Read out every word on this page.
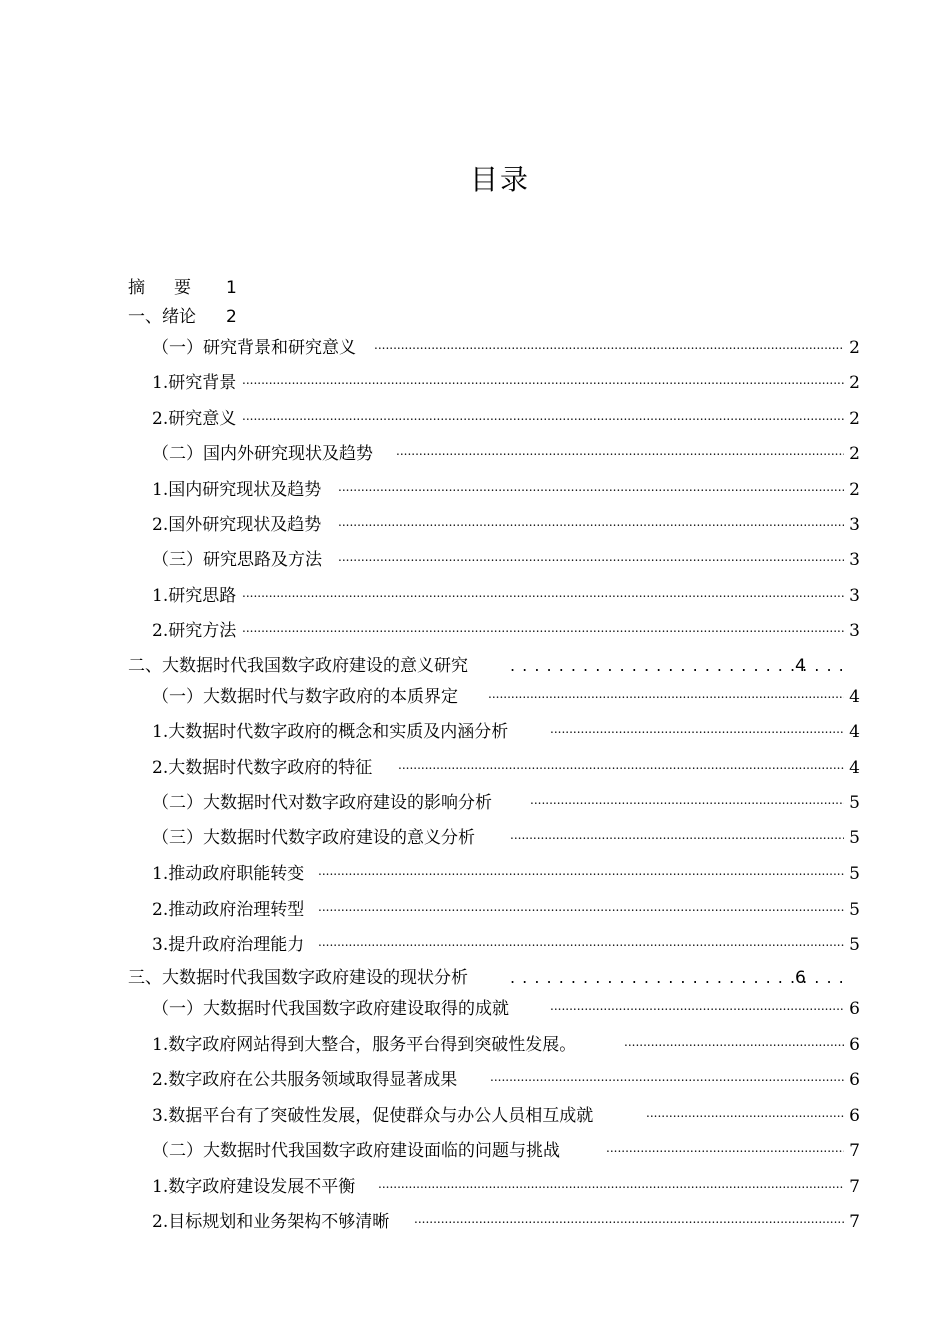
目录
摘　要 1
一、绪论 2
（一）研究背景和研究意义 .....	2
1.研究背景 .....	2
2.研究意义 .....	2
（二）国内外研究现状及趋势 .....	2
1.国内研究现状及趋势 .....	2
2.国外研究现状及趋势 .....	3
（三）研究思路及方法 .....	3
1.研究思路 .....	3
2.研究方法 .....	3
二、大数据时代我国数字政府建设的意义研究 . . .	4
（一）大数据时代与数字政府的本质界定 .....	4
1.大数据时代数字政府的概念和实质及内涵分析 .....	4
2.大数据时代数字政府的特征 .....	4
（二）大数据时代对数字政府建设的影响分析 .....	5
（三）大数据时代数字政府建设的意义分析 .....	5
1.推动政府职能转变 .....	5
2.推动政府治理转型 .....	5
3.提升政府治理能力 .....	5
三、大数据时代我国数字政府建设的现状分析 . . .	6
（一）大数据时代我国数字政府建设取得的成就 .....	6
1.数字政府网站得到大整合，服务平台得到突破性发展。 .....	6
2.数字政府在公共服务领域取得显著成果 .....	6
3.数据平台有了突破性发展，促使群众与办公人员相互成就 .....	6
（二）大数据时代我国数字政府建设面临的问题与挑战 .....	7
1.数字政府建设发展不平衡 .....	7
2.目标规划和业务架构不够清晰 .....	7
